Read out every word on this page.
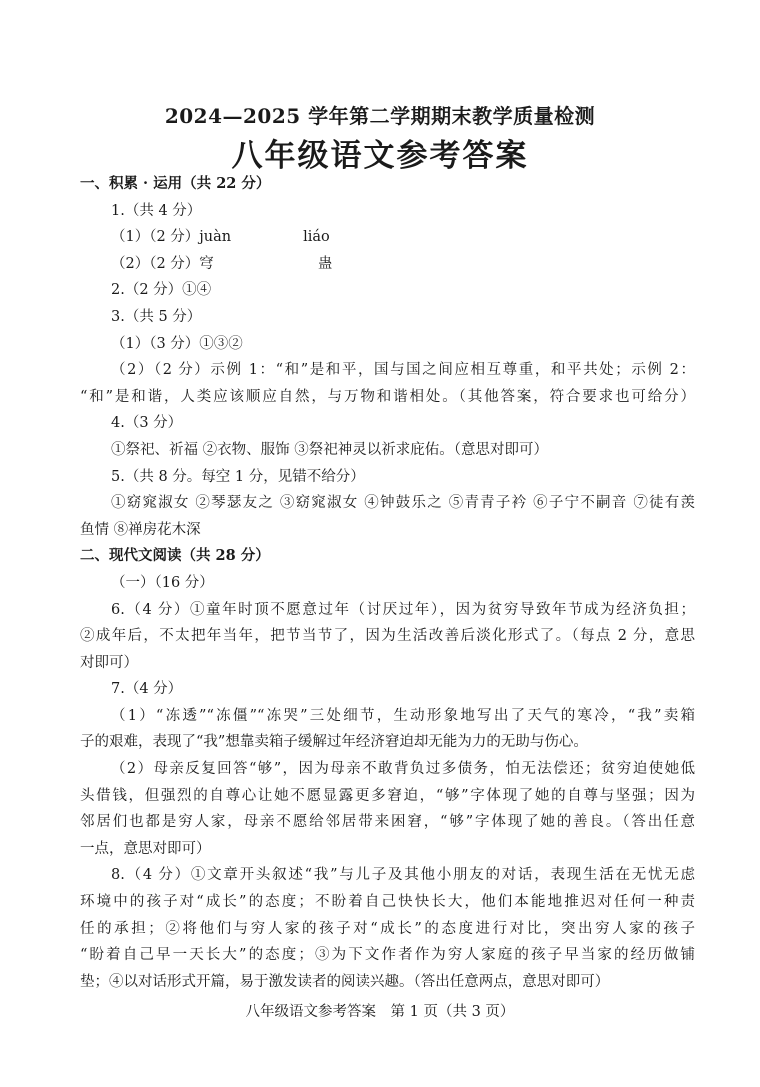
2024—2025 学年第二学期期末教学质量检测
八年级语文参考答案
一、积累 · 运用（共 22 分）
1.（共 4 分）
（1）（2 分）juàn	liáo
（2）（2 分）穹	蛊
2.（2 分）①④
3.（共 5 分）
（1）（3 分）①③②
（2）（2 分）示例 1：“和”是和平，国与国之间应相互尊重，和平共处；示例 2：
“和”是和谐，人类应该顺应自然，与万物和谐相处。（其他答案，符合要求也可给分）
4.（3 分）
①祭祀、祈福 ②衣物、服饰 ③祭祀神灵以祈求庇佑。（意思对即可）
5.（共 8 分。每空 1 分，见错不给分）
①窈窕淑女 ②琴瑟友之 ③窈窕淑女 ④钟鼓乐之 ⑤青青子衿 ⑥子宁不嗣音 ⑦徒有羡
鱼情 ⑧禅房花木深
二、现代文阅读（共 28 分）
（一）（16 分）
6.（4 分）①童年时顶不愿意过年（讨厌过年），因为贫穷导致年节成为经济负担；
②成年后，不太把年当年，把节当节了，因为生活改善后淡化形式了。（每点 2 分，意思
对即可）
7.（4 分）
（1）“冻透”“冻僵”“冻哭”三处细节，生动形象地写出了天气的寒冷，“我”卖箱
子的艰难，表现了“我”想靠卖箱子缓解过年经济窘迫却无能为力的无助与伤心。
（2）母亲反复回答“够”，因为母亲不敢背负过多债务，怕无法偿还；贫穷迫使她低
头借钱，但强烈的自尊心让她不愿显露更多窘迫，“够”字体现了她的自尊与坚强；因为
邻居们也都是穷人家，母亲不愿给邻居带来困窘，“够”字体现了她的善良。（答出任意
一点，意思对即可）
8.（4 分）①文章开头叙述“我”与儿子及其他小朋友的对话，表现生活在无忧无虑
环境中的孩子对“成长”的态度；不盼着自己快快长大，他们本能地推迟对任何一种责
任的承担；②将他们与穷人家的孩子对“成长”的态度进行对比，突出穷人家的孩子
“盼着自己早一天长大”的态度；③为下文作者作为穷人家庭的孩子早当家的经历做铺
垫；④以对话形式开篇，易于激发读者的阅读兴趣。（答出任意两点，意思对即可）
八年级语文参考答案　第 1 页（共 3 页）
